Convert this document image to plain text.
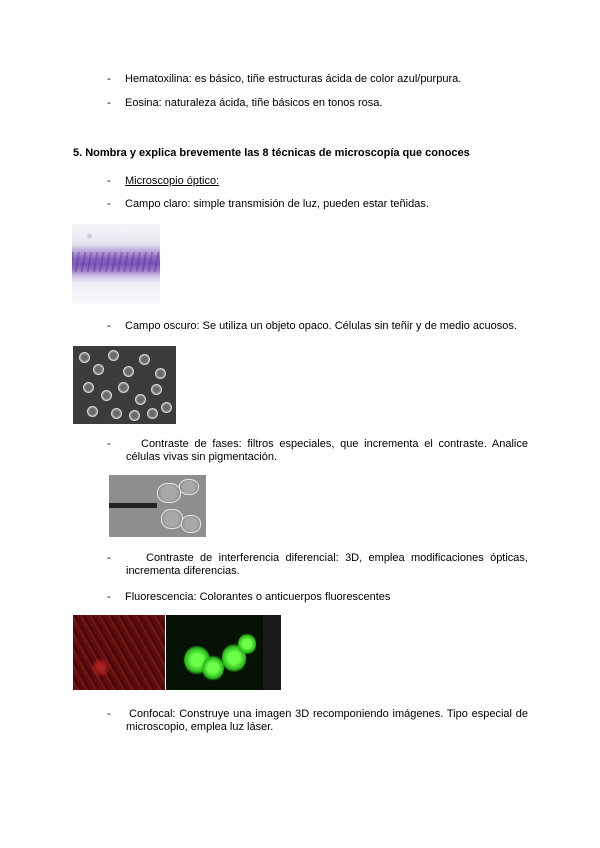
-	Hematoxilina: es básico, tiñe estructuras ácida de color azul/purpura.
-	Eosina: naturaleza ácida, tiñe básicos en tonos rosa.
5. Nombra y explica brevemente las 8 técnicas de microscopía que conoces
-	Microscopio óptico:
-	Campo claro: simple transmisión de luz, pueden estar teñidas.
-	Campo oscuro: Se utiliza un objeto opaco. Células sin teñir y de medio acuosos.
-	Contraste de fases: filtros especiales, que incrementa el contraste. Analice células vivas sin pigmentación.
-	Contraste de interferencia diferencial: 3D, emplea modificaciones ópticas, incrementa diferencias.
-	Fluorescencia: Colorantes o anticuerpos fluorescentes
-	Confocal: Construye una imagen 3D recomponiendo imágenes. Tipo especial de microscopio, emplea luz láser.
